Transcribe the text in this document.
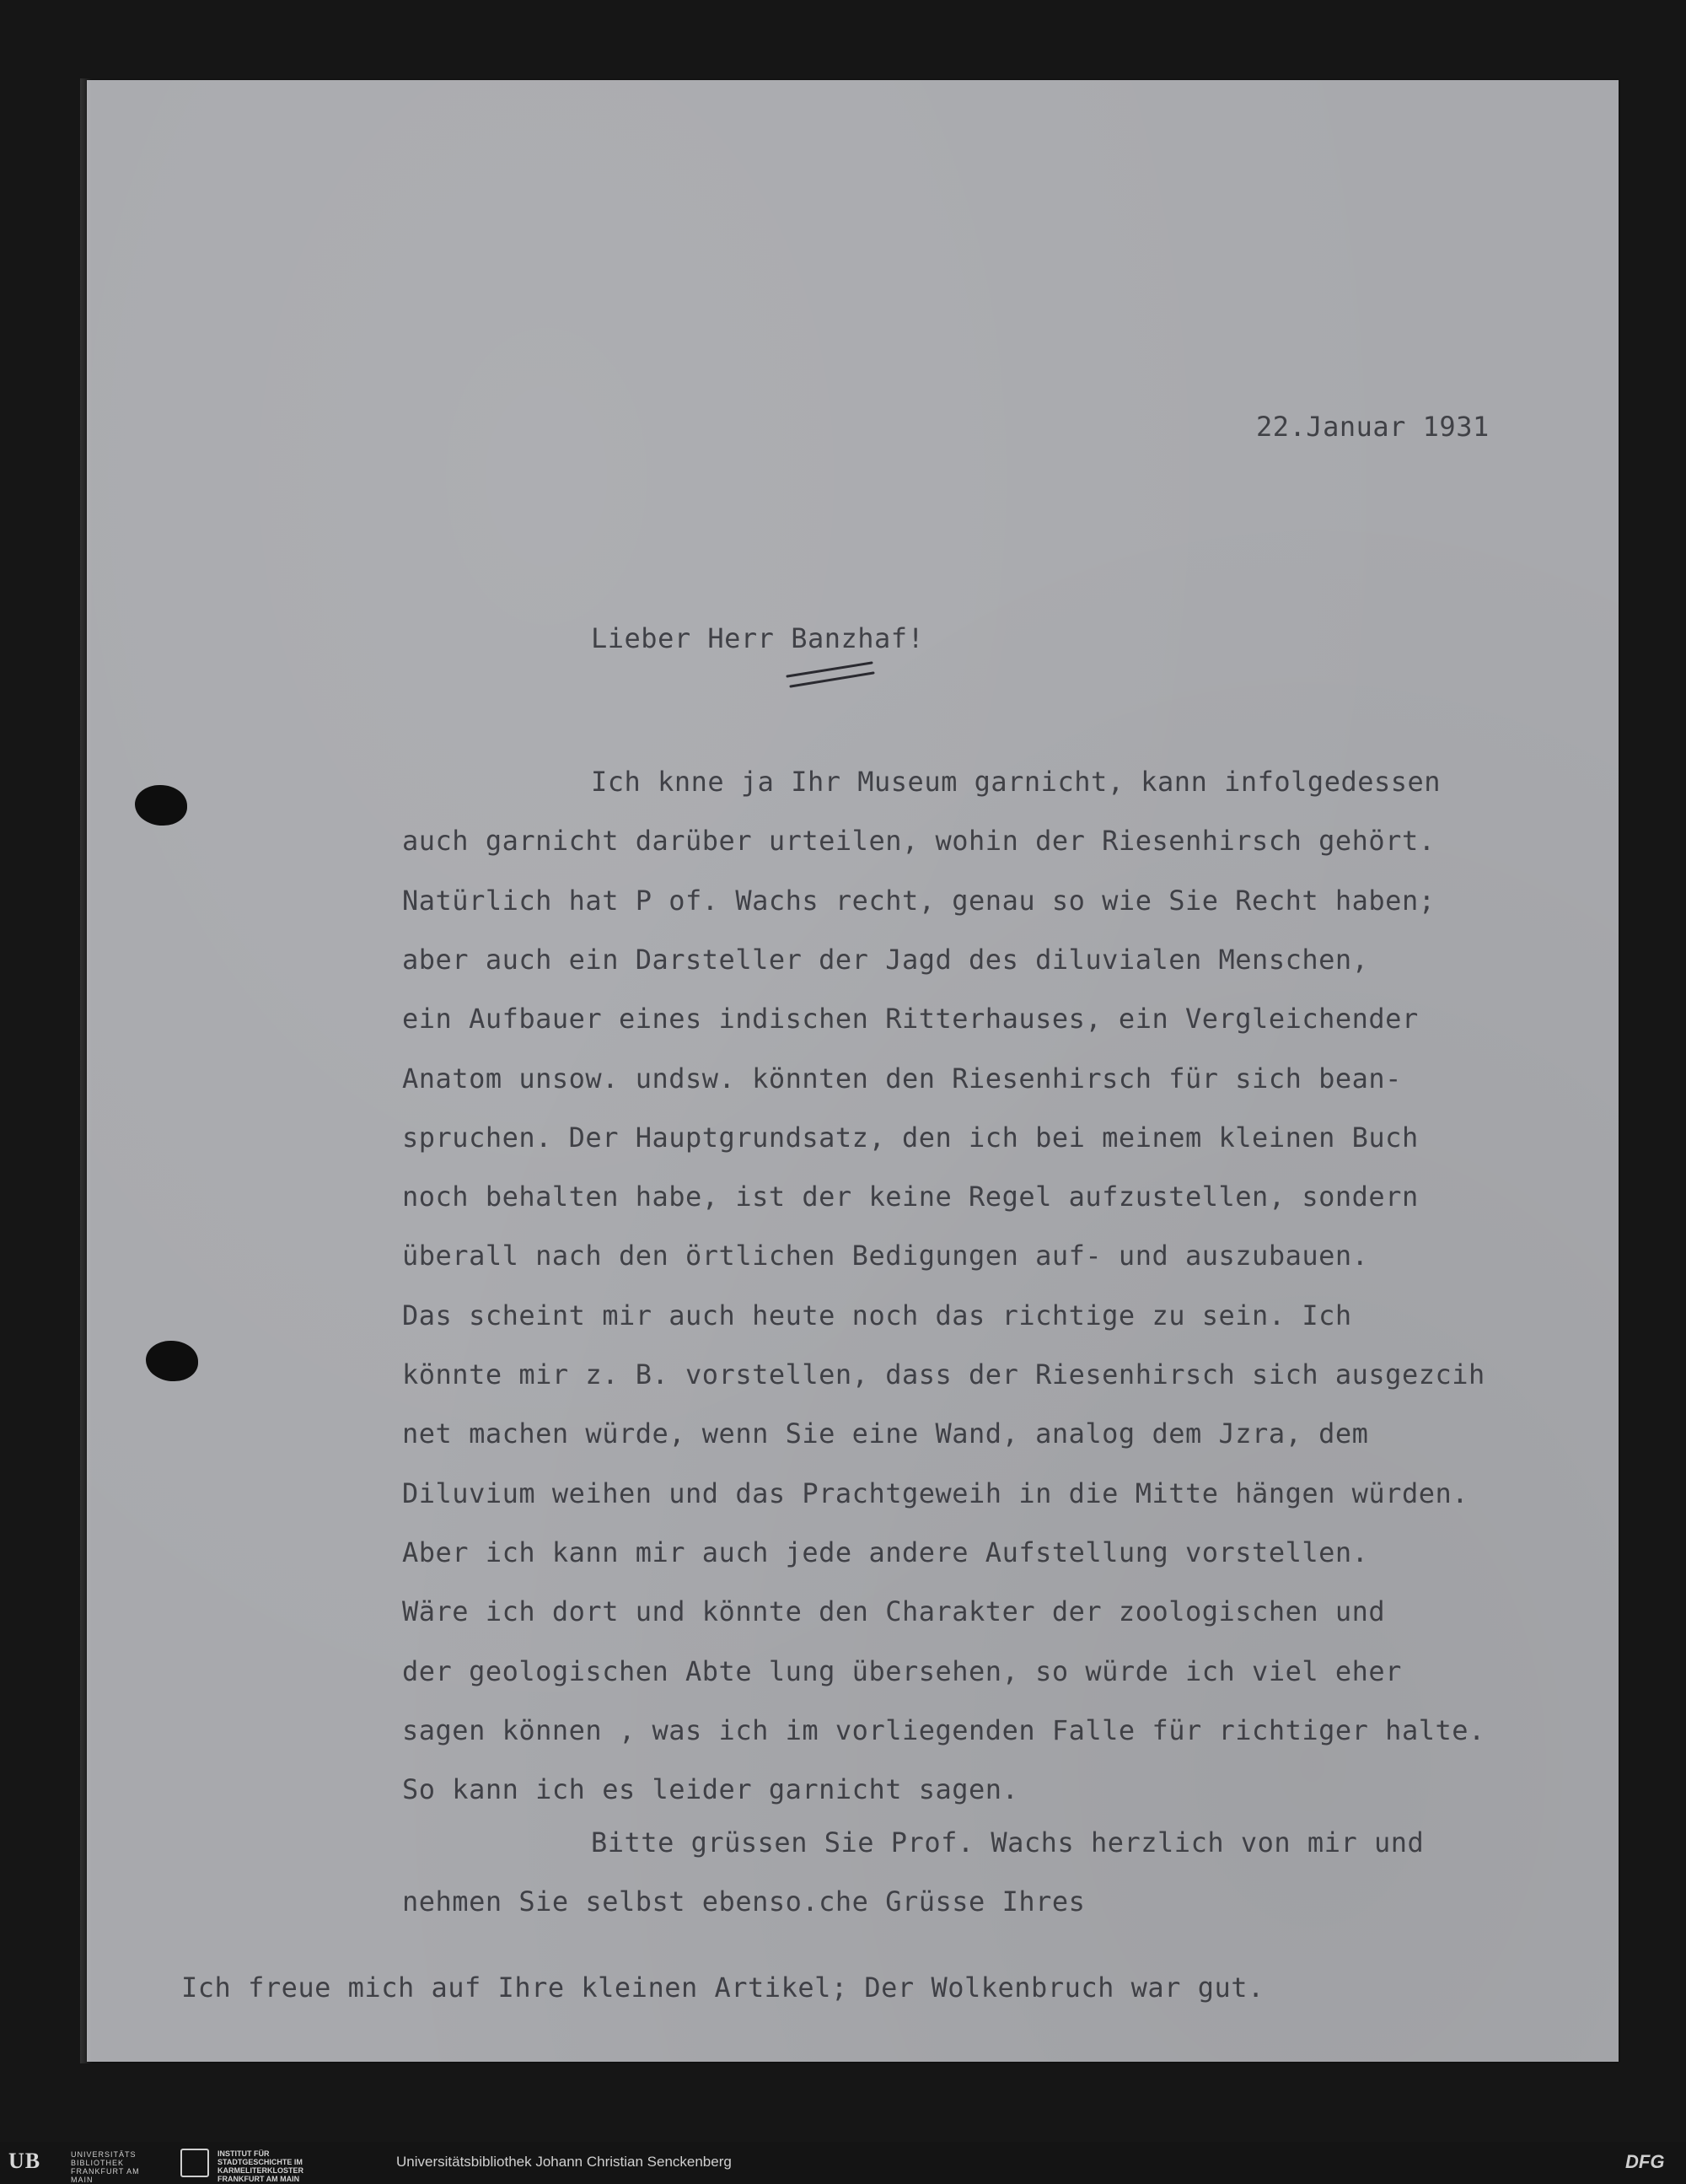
22.Januar 1931
Lieber Herr Banzhaf!
Ich knne ja Ihr Museum garnicht, kann infolgedessen
auch garnicht darüber urteilen, wohin der Riesenhirsch gehört.
Natürlich hat P of. Wachs recht, genau so wie Sie Recht haben;
aber auch ein Darsteller der Jagd des diluvialen Menschen,
ein Aufbauer eines indischen Ritterhauses, ein Vergleichender
Anatom unsow. undsw. könnten den Riesenhirsch für sich bean-
spruchen. Der Hauptgrundsatz, den ich bei meinem kleinen Buch
noch behalten habe, ist der keine Regel aufzustellen, sondern
überall nach den örtlichen Bedigungen auf- und auszubauen.
Das scheint mir auch heute noch das richtige zu sein. Ich
könnte mir z. B. vorstellen, dass der Riesenhirsch sich ausgezcih
net machen würde, wenn Sie eine Wand, analog dem Jzra, dem
Diluvium weihen und das Prachtgeweih in die Mitte hängen würden.
Aber ich kann mir auch jede andere Aufstellung vorstellen.
Wäre ich dort und könnte den Charakter der zoologischen und
der geologischen Abte lung übersehen, so würde ich viel eher
sagen können , was ich im vorliegenden Falle für richtiger halte.
So kann ich es leider garnicht sagen.
Bitte grüssen Sie Prof. Wachs herzlich von mir und
nehmen Sie selbst ebenso.che Grüsse Ihres
Ich freue mich auf Ihre kleinen Artikel; Der Wolkenbruch war gut.
UB	UNIVERSITÄTS BIBLIOTHEK FRANKFURT AM MAIN
INSTITUT FÜR STADTGESCHICHTE IM KARMELITERKLOSTER FRANKFURT AM MAIN
Universitätsbibliothek Johann Christian Senckenberg	DFG
